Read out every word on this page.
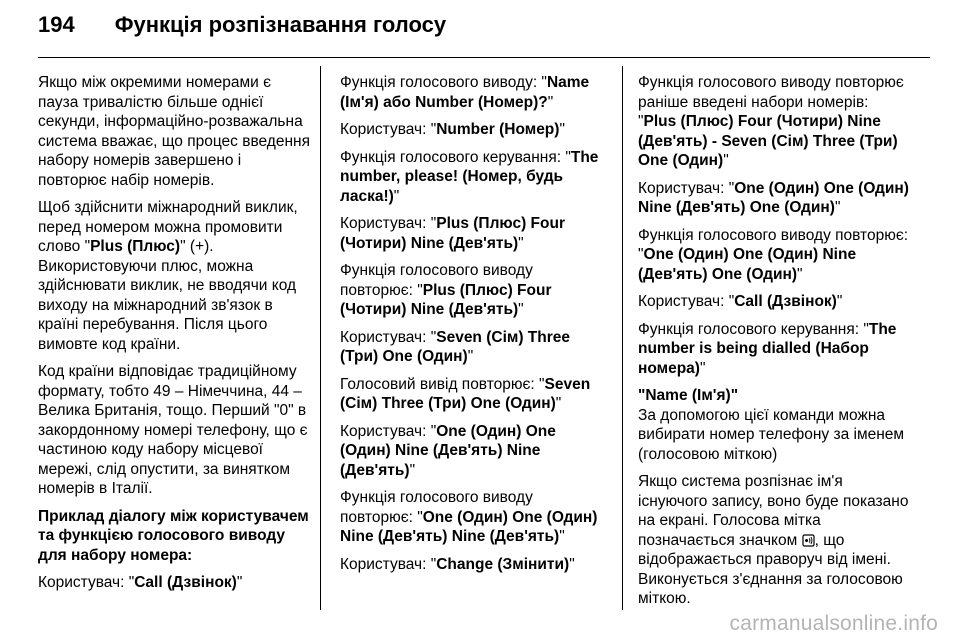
194 Функція розпізнавання голосу

Якщо між окремими номерами є пауза тривалістю більше однієї секунди, інформаційно-розважальна система вважає, що процес введення набору номерів завершено і повторює набір номерів.

Щоб здійснити міжнародний виклик, перед номером можна промовити слово "Plus (Плюс)" (+). Використовуючи плюс, можна здійснювати виклик, не вводячи код виходу на міжнародний зв'язок в країні перебування. Після цього вимовте код країни.

Код країни відповідає традиційному формату, тобто 49 – Німеччина, 44 – Велика Британія, тощо. Перший "0" в закордонному номері телефону, що є частиною коду набору місцевої мережі, слід опустити, за винятком номерів в Італії.

Приклад діалогу між користувачем та функцією голосового виводу для набору номера:

Користувач: "Call (Дзвінок)"

Функція голосового виводу: "Name (Ім'я) або Number (Номер)?"

Користувач: "Number (Номер)"

Функція голосового керування: "The number, please! (Номер, будь ласка!)"

Користувач: "Plus (Плюс) Four (Чотири) Nine (Дев'ять)"

Функція голосового виводу повторює: "Plus (Плюс) Four (Чотири) Nine (Дев'ять)"

Користувач: "Seven (Сім) Three (Три) One (Один)"

Голосовий вивід повторює: "Seven (Сім) Three (Три) One (Один)"

Користувач: "One (Один) One (Один) Nine (Дев'ять) Nine (Дев'ять)"

Функція голосового виводу повторює: "One (Один) One (Один) Nine (Дев'ять) Nine (Дев'ять)"

Користувач: "Change (Змінити)"

Функція голосового виводу повторює раніше введені набори номерів: "Plus (Плюс) Four (Чотири) Nine (Дев'ять) - Seven (Сім) Three (Три) One (Один)"

Користувач: "One (Один) One (Один) Nine (Дев'ять) One (Один)"

Функція голосового виводу повторює: "One (Один) One (Один) Nine (Дев'ять) One (Один)"

Користувач: "Call (Дзвінок)"

Функція голосового керування: "The number is being dialled (Набор номера)"

"Name (Ім'я)"

За допомогою цієї команди можна вибирати номер телефону за іменем (голосовою міткою)

Якщо система розпізнає ім'я існуючого запису, воно буде показано на екрані. Голосова мітка позначається значком , що відображається праворуч від імені. Виконується з'єднання за голосовою міткою.

carmanualsonline.info
